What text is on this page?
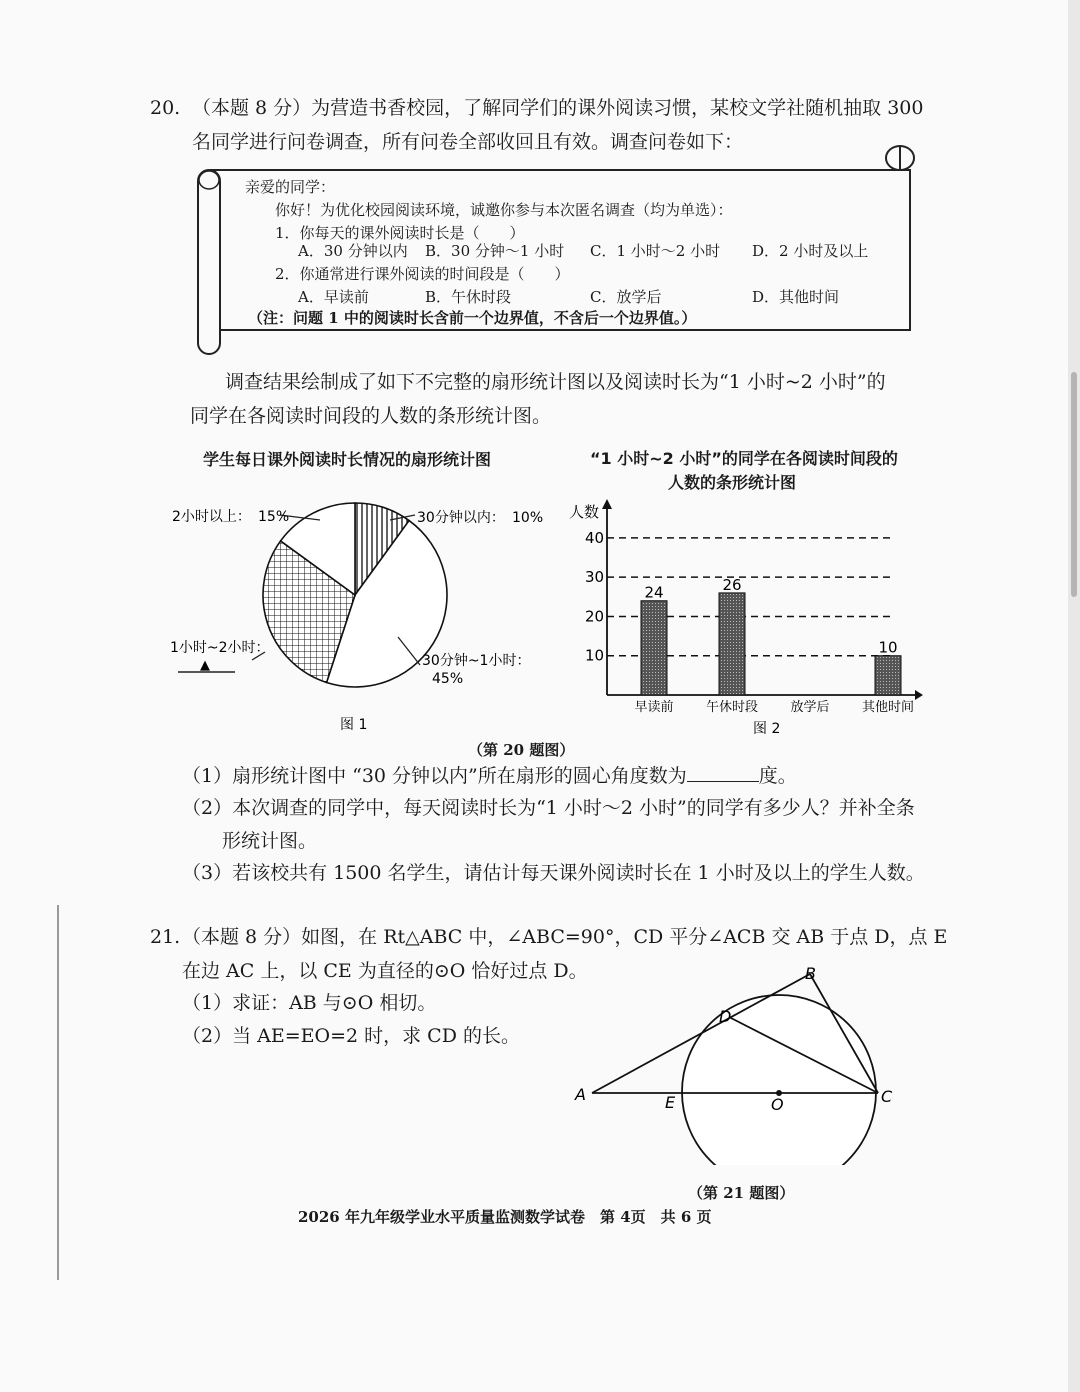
20. （本题 8 分）为营造书香校园，了解同学们的课外阅读习惯，某校文学社随机抽取 300
名同学进行问卷调查，所有问卷全部收回且有效。调查问卷如下：
亲爱的同学：
你好！为优化校园阅读环境，诚邀你参与本次匿名调查（均为单选）：
1．你每天的课外阅读时长是（　　）
A．30 分钟以内 B．30 分钟～1 小时 C．1 小时～2 小时 D．2 小时及以上
2．你通常进行课外阅读的时间段是（　　）
A．早读前	B．午休时段	C．放学后	D．其他时间
（注：问题 1 中的阅读时长含前一个边界值，不含后一个边界值。）
调查结果绘制成了如下不完整的扇形统计图以及阅读时长为“1 小时~2 小时”的
同学在各阅读时间段的人数的条形统计图。
学生每日课外阅读时长情况的扇形统计图
2小时以上： 15%	30分钟以内： 10%
30分钟~1小时：
45%
1小时~2小时：
▲
图 1
“1 小时~2 小时”的同学在各阅读时间段的
人数的条形统计图
人数
10
20
30
40
24
早读前
26
午休时段 放学后
10
其他时间
图 2
（第 20 题图）
（1）扇形统计图中 “30 分钟以内”所在扇形的圆心角度数为	度。
（2）本次调查的同学中，每天阅读时长为“1 小时～2 小时”的同学有多少人？并补全条
形统计图。
（3）若该校共有 1500 名学生，请估计每天课外阅读时长在 1 小时及以上的学生人数。
21. （本题 8 分）如图，在 Rt△ABC 中，∠ABC=90°，CD 平分∠ACB 交 AB 于点 D，点 E
在边 AC 上，以 CE 为直径的⊙O 恰好过点 D。
（1）求证：AB 与⊙O 相切。
（2）当 AE=EO=2 时，求 CD 的长。
B
D
A	E	O	C
（第 21 题图）
2026 年九年级学业水平质量监测数学试卷　第 4页　共 6 页
